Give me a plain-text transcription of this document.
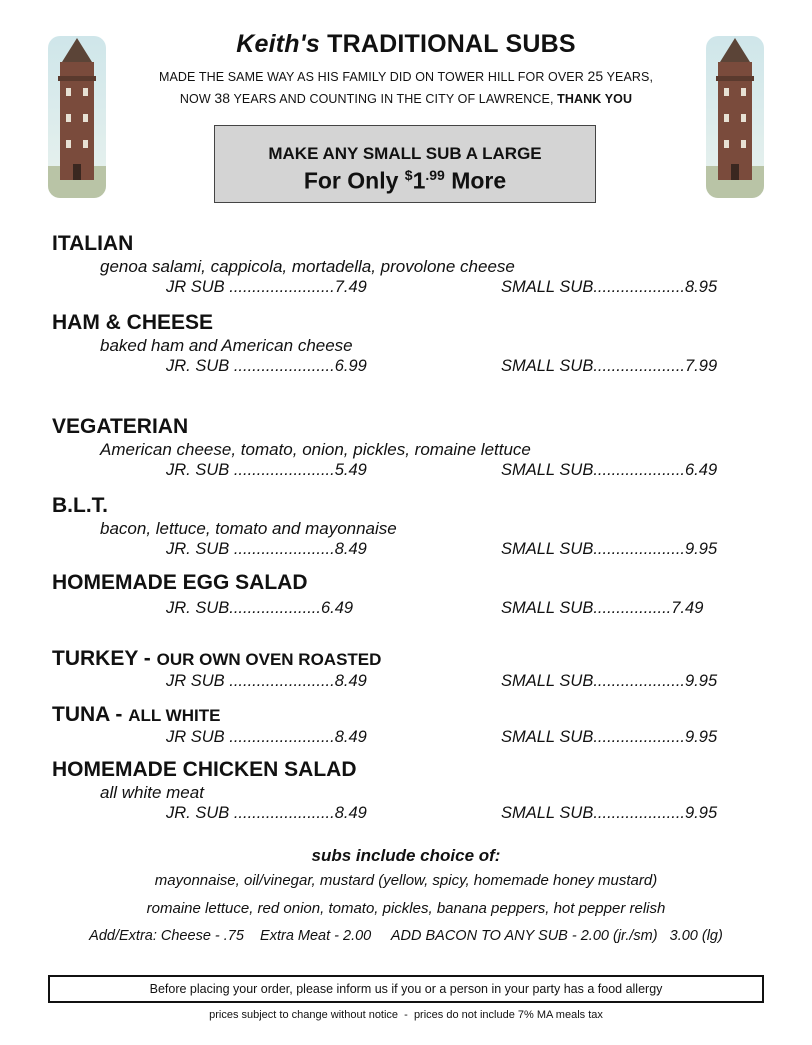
Keith's TRADITIONAL SUBS
MADE THE SAME WAY AS HIS FAMILY DID ON TOWER HILL FOR OVER 25 YEARS,
NOW 38 YEARS AND COUNTING IN THE CITY OF LAWRENCE, THANK YOU
MAKE ANY SMALL SUB A LARGE
For Only $^{\$}1^{.99}$ More
ITALIAN
genoa salami, cappicola, mortadella, provolone cheese
JR SUB .......................7.49	SMALL SUB....................8.95
HAM & CHEESE
baked ham and American cheese
JR. SUB ......................6.99	SMALL SUB....................7.99
VEGATERIAN
American cheese, tomato, onion, pickles, romaine lettuce
JR. SUB ......................5.49	SMALL SUB....................6.49
B.L.T.
bacon, lettuce, tomato and mayonnaise
JR. SUB ......................8.49	SMALL SUB....................9.95
HOMEMADE EGG SALAD
JR. SUB....................6.49	SMALL SUB.................7.49
TURKEY - OUR OWN OVEN ROASTED
JR SUB .......................8.49	SMALL SUB....................9.95
TUNA - ALL WHITE
JR SUB .......................8.49	SMALL SUB....................9.95
HOMEMADE CHICKEN SALAD
all white meat
JR. SUB ......................8.49	SMALL SUB....................9.95
subs include choice of:
mayonnaise, oil/vinegar, mustard (yellow, spicy, homemade honey mustard)
romaine lettuce, red onion, tomato, pickles, banana peppers, hot pepper relish
Add/Extra: Cheese - .75    Extra Meat - 2.00     ADD BACON TO ANY SUB - 2.00 (jr./sm)   3.00 (lg)
Before placing your order, please inform us if you or a person in your party has a food allergy
prices subject to change without notice  -  prices do not include 7% MA meals tax
